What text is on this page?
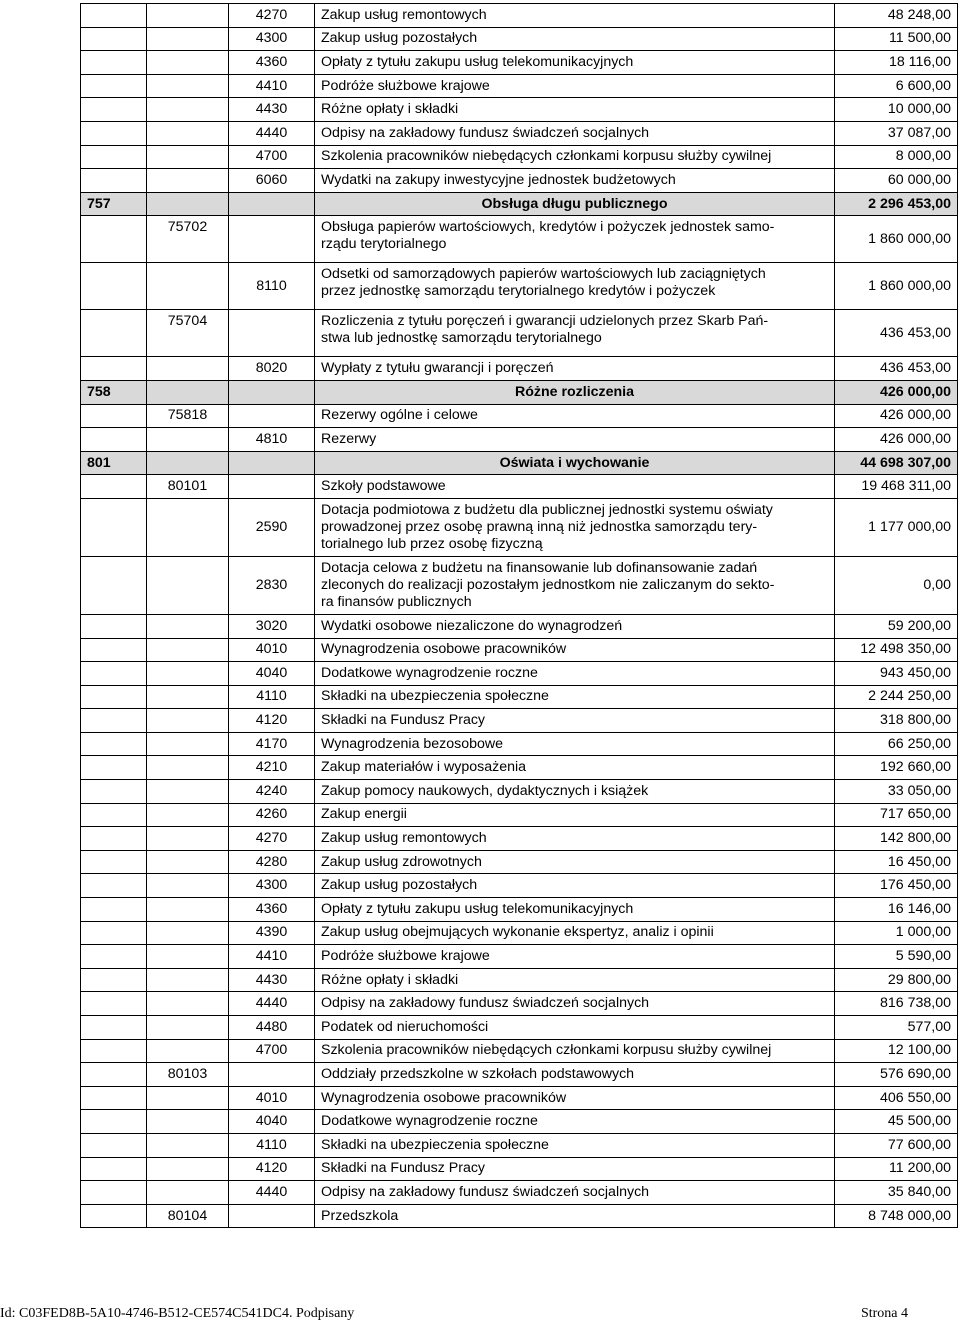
		4270	Zakup usług remontowych	48 248,00
		4300	Zakup usług pozostałych	11 500,00
		4360	Opłaty z tytułu zakupu usług telekomunikacyjnych	18 116,00
		4410	Podróże służbowe krajowe	6 600,00
		4430	Różne opłaty i składki	10 000,00
		4440	Odpisy na zakładowy fundusz świadczeń socjalnych	37 087,00
		4700	Szkolenia pracowników niebędących członkami korpusu służby cywilnej	8 000,00
		6060	Wydatki na zakupy inwestycyjne jednostek budżetowych	60 000,00
757			Obsługa długu publicznego	2 296 453,00
	75702		Obsługa papierów wartościowych, kredytów i pożyczek jednostek samo-
rządu terytorialnego	1 860 000,00
		8110	Odsetki od samorządowych papierów wartościowych lub zaciągniętych
przez jednostkę samorządu terytorialnego kredytów i pożyczek	1 860 000,00
	75704		Rozliczenia z tytułu poręczeń i gwarancji udzielonych przez Skarb Pań-
stwa lub jednostkę samorządu terytorialnego	436 453,00
		8020	Wypłaty z tytułu gwarancji i poręczeń	436 453,00
758			Różne rozliczenia	426 000,00
	75818		Rezerwy ogólne i celowe	426 000,00
		4810	Rezerwy	426 000,00
801			Oświata i wychowanie	44 698 307,00
	80101		Szkoły podstawowe	19 468 311,00
		2590	Dotacja podmiotowa z budżetu dla publicznej jednostki systemu oświaty
prowadzonej przez osobę prawną inną niż jednostka samorządu tery-
torialnego lub przez osobę fizyczną	1 177 000,00
		2830	Dotacja celowa z budżetu na finansowanie lub dofinansowanie zadań
zleconych do realizacji pozostałym jednostkom nie zaliczanym do sekto-
ra finansów publicznych	0,00
		3020	Wydatki osobowe niezaliczone do wynagrodzeń	59 200,00
		4010	Wynagrodzenia osobowe pracowników	12 498 350,00
		4040	Dodatkowe wynagrodzenie roczne	943 450,00
		4110	Składki na ubezpieczenia społeczne	2 244 250,00
		4120	Składki na Fundusz Pracy	318 800,00
		4170	Wynagrodzenia bezosobowe	66 250,00
		4210	Zakup materiałów i wyposażenia	192 660,00
		4240	Zakup pomocy naukowych, dydaktycznych i książek	33 050,00
		4260	Zakup energii	717 650,00
		4270	Zakup usług remontowych	142 800,00
		4280	Zakup usług zdrowotnych	16 450,00
		4300	Zakup usług pozostałych	176 450,00
		4360	Opłaty z tytułu zakupu usług telekomunikacyjnych	16 146,00
		4390	Zakup usług obejmujących wykonanie ekspertyz, analiz i opinii	1 000,00
		4410	Podróże służbowe krajowe	5 590,00
		4430	Różne opłaty i składki	29 800,00
		4440	Odpisy na zakładowy fundusz świadczeń socjalnych	816 738,00
		4480	Podatek od nieruchomości	577,00
		4700	Szkolenia pracowników niebędących członkami korpusu służby cywilnej	12 100,00
	80103		Oddziały przedszkolne w szkołach podstawowych	576 690,00
		4010	Wynagrodzenia osobowe pracowników	406 550,00
		4040	Dodatkowe wynagrodzenie roczne	45 500,00
		4110	Składki na ubezpieczenia społeczne	77 600,00
		4120	Składki na Fundusz Pracy	11 200,00
		4440	Odpisy na zakładowy fundusz świadczeń socjalnych	35 840,00
	80104		Przedszkola	8 748 000,00
Id: C03FED8B-5A10-4746-B512-CE574C541DC4. Podpisany	Strona 4
